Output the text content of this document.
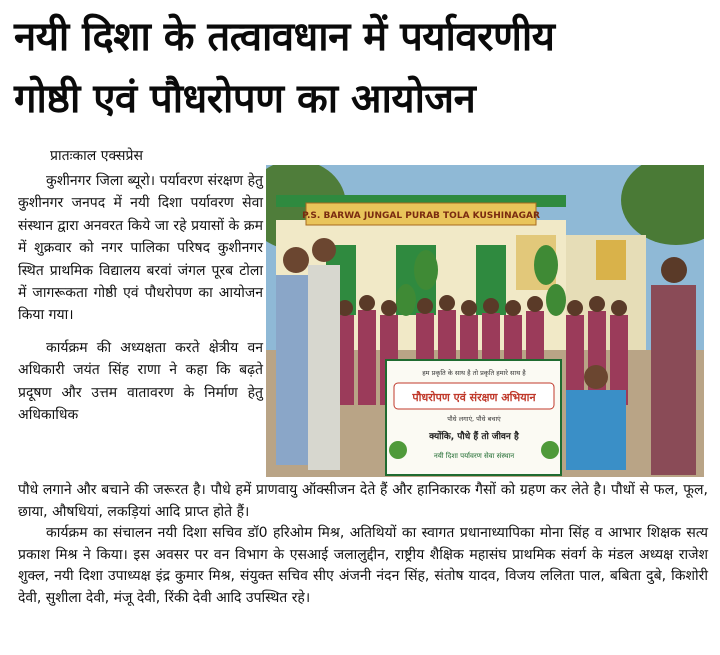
नयी दिशा के तत्वावधान में पर्यावरणीय
गोष्ठी एवं पौधरोपण का आयोजन
प्रातःकाल एक्सप्रेस

कुशीनगर जिला ब्यूरो। पर्यावरण संरक्षण हेतु कुशीनगर जनपद में नयी दिशा पर्यावरण सेवा संस्थान द्वारा अनवरत किये जा रहे प्रयासों के क्रम में शुक्रवार को नगर पालिका परिषद कुशीनगर स्थित प्राथमिक विद्यालय बरवां जंगल पूरब टोला में जागरूकता गोष्ठी एवं पौधरोपण का आयोजन किया गया।

कार्यक्रम की अध्यक्षता करते क्षेत्रीय वन अधिकारी जयंत सिंह राणा ने कहा कि बढ़ते प्रदूषण और उत्तम वातावरण के निर्माण हेतु अधिकाधिक

P.S. BARWA JUNGAL PURAB TOLA KUSHINAGAR
हम प्रकृति के साथ है तो प्रकृति हमारे साथ है
पौधरोपण एवं संरक्षण अभियान
पौधे लगाएं, पौधे बचाएं
क्योंकि, पौधे हैं तो जीवन है
नयी दिशा पर्यावरण सेवा संस्थान

पौधे लगाने और बचाने की जरूरत है। पौधे हमें प्राणवायु ऑक्सीजन देते हैं और हानिकारक गैसों को ग्रहण कर लेते है। पौधों से फल, फूल, छाया, औषधियां, लकड़ियां आदि प्राप्त होते हैं।

कार्यक्रम का संचालन नयी दिशा सचिव डॉ0 हरिओम मिश्र, अतिथियों का स्वागत प्रधानाध्यापिका मोना सिंह व आभार शिक्षक सत्य प्रकाश मिश्र ने किया। इस अवसर पर वन विभाग के एसआई जलालुद्दीन, राष्ट्रीय शैक्षिक महासंघ प्राथमिक संवर्ग के मंडल अध्यक्ष राजेश शुक्ल, नयी दिशा उपाध्यक्ष इंद्र कुमार मिश्र, संयुक्त सचिव सीए अंजनी नंदन सिंह, संतोष यादव, विजय ललिता पाल, बबिता दुबे, किशोरी देवी, सुशीला देवी, मंजू देवी, रिंकी देवी आदि उपस्थित रहे।
